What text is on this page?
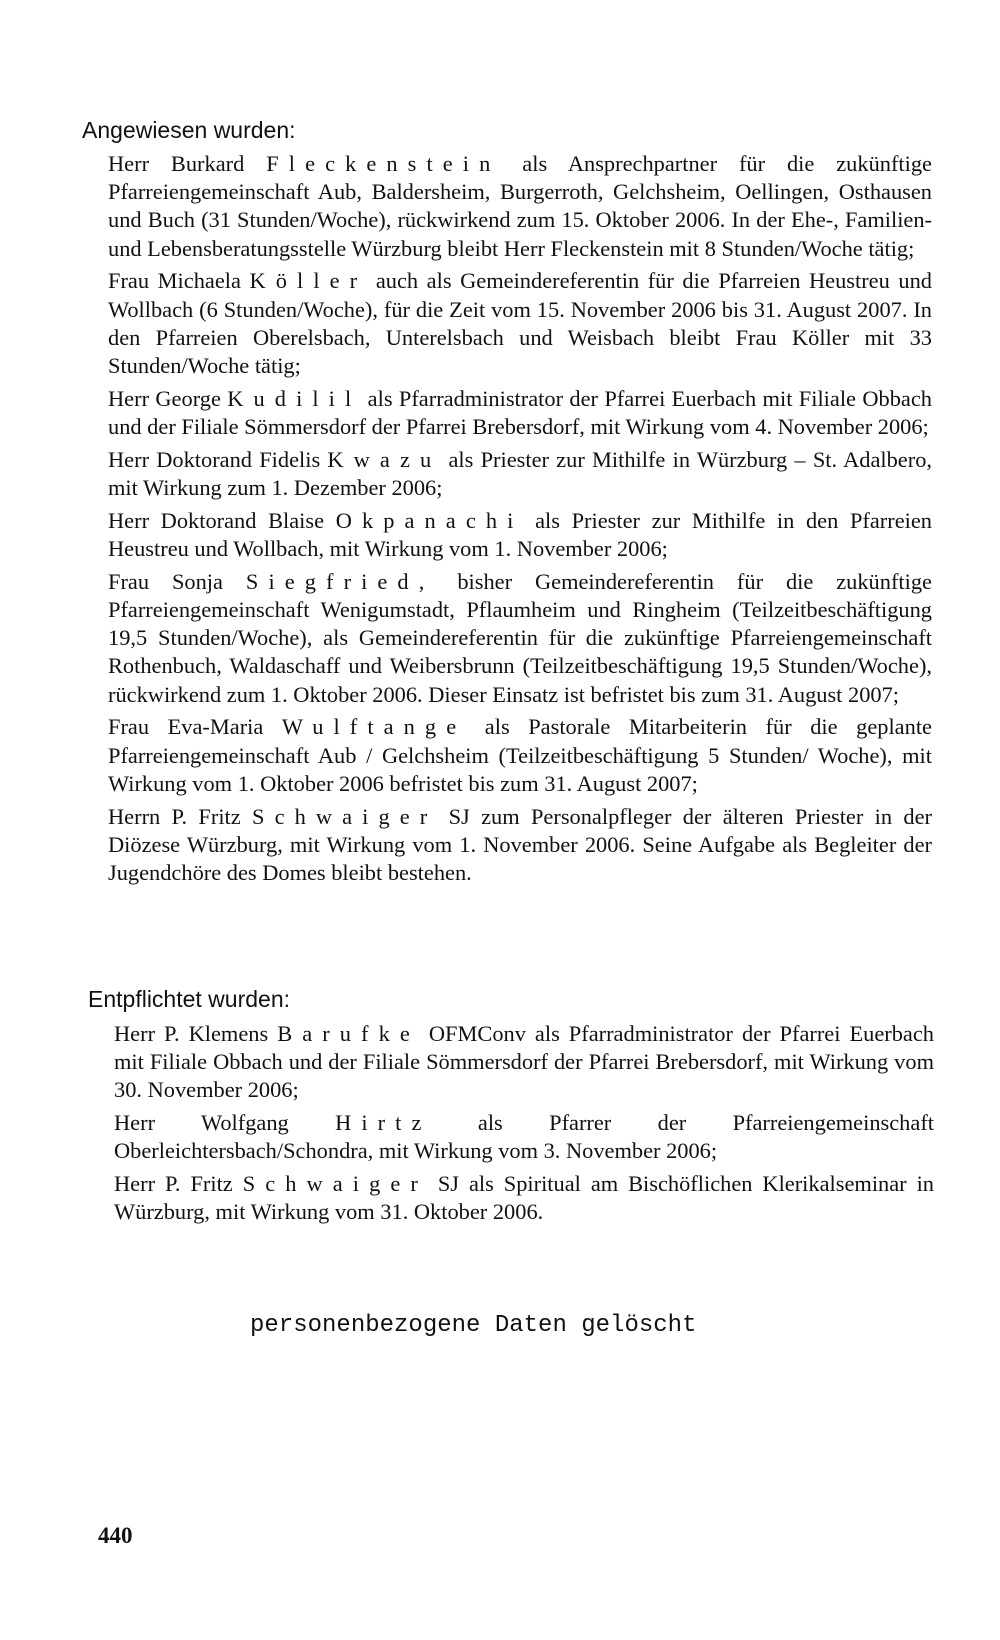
Angewiesen wurden:
Herr Burkard Fleckenstein als Ansprechpartner für die zukünftige Pfarreiengemeinschaft Aub, Baldersheim, Burgerroth, Gelchsheim, Oellingen, Osthausen und Buch (31 Stunden/Woche), rückwirkend zum 15. Oktober 2006. In der Ehe-, Familien- und Lebensberatungsstelle Würzburg bleibt Herr Fleckenstein mit 8 Stunden/Woche tätig;
Frau Michaela Köller auch als Gemeindereferentin für die Pfarreien Heustreu und Wollbach (6 Stunden/Woche), für die Zeit vom 15. November 2006 bis 31. August 2007. In den Pfarreien Oberelsbach, Unterelsbach und Weisbach bleibt Frau Köller mit 33 Stunden/Woche tätig;
Herr George Kudilil als Pfarradministrator der Pfarrei Euerbach mit Filiale Obbach und der Filiale Sömmersdorf der Pfarrei Brebersdorf, mit Wirkung vom 4. November 2006;
Herr Doktorand Fidelis Kwazu als Priester zur Mithilfe in Würzburg – St. Adalbero, mit Wirkung zum 1. Dezember 2006;
Herr Doktorand Blaise Okpanachi als Priester zur Mithilfe in den Pfarreien Heustreu und Wollbach, mit Wirkung vom 1. November 2006;
Frau Sonja Siegfried, bisher Gemeindereferentin für die zukünftige Pfarreiengemeinschaft Wenigumstadt, Pflaumheim und Ringheim (Teilzeitbeschäftigung 19,5 Stunden/Woche), als Gemeindereferentin für die zukünftige Pfarreiengemeinschaft Rothenbuch, Waldaschaff und Weibersbrunn (Teilzeitbeschäftigung 19,5 Stunden/Woche), rückwirkend zum 1. Oktober 2006. Dieser Einsatz ist befristet bis zum 31. August 2007;
Frau Eva-Maria Wulftange als Pastorale Mitarbeiterin für die geplante Pfarreiengemeinschaft Aub / Gelchsheim (Teilzeitbeschäftigung 5 Stunden/ Woche), mit Wirkung vom 1. Oktober 2006 befristet bis zum 31. August 2007;
Herrn P. Fritz Schwaiger SJ zum Personalpfleger der älteren Priester in der Diözese Würzburg, mit Wirkung vom 1. November 2006. Seine Aufgabe als Begleiter der Jugendchöre des Domes bleibt bestehen.
Entpflichtet wurden:
Herr P. Klemens Barufke OFMConv als Pfarradministrator der Pfarrei Euerbach mit Filiale Obbach und der Filiale Sömmersdorf der Pfarrei Brebersdorf, mit Wirkung vom 30. November 2006;
Herr Wolfgang Hirtz als Pfarrer der Pfarreiengemeinschaft Oberleichtersbach/Schondra, mit Wirkung vom 3. November 2006;
Herr P. Fritz Schwaiger SJ als Spiritual am Bischöflichen Klerikalseminar in Würzburg, mit Wirkung vom 31. Oktober 2006.

personenbezogene Daten gelöscht

440
